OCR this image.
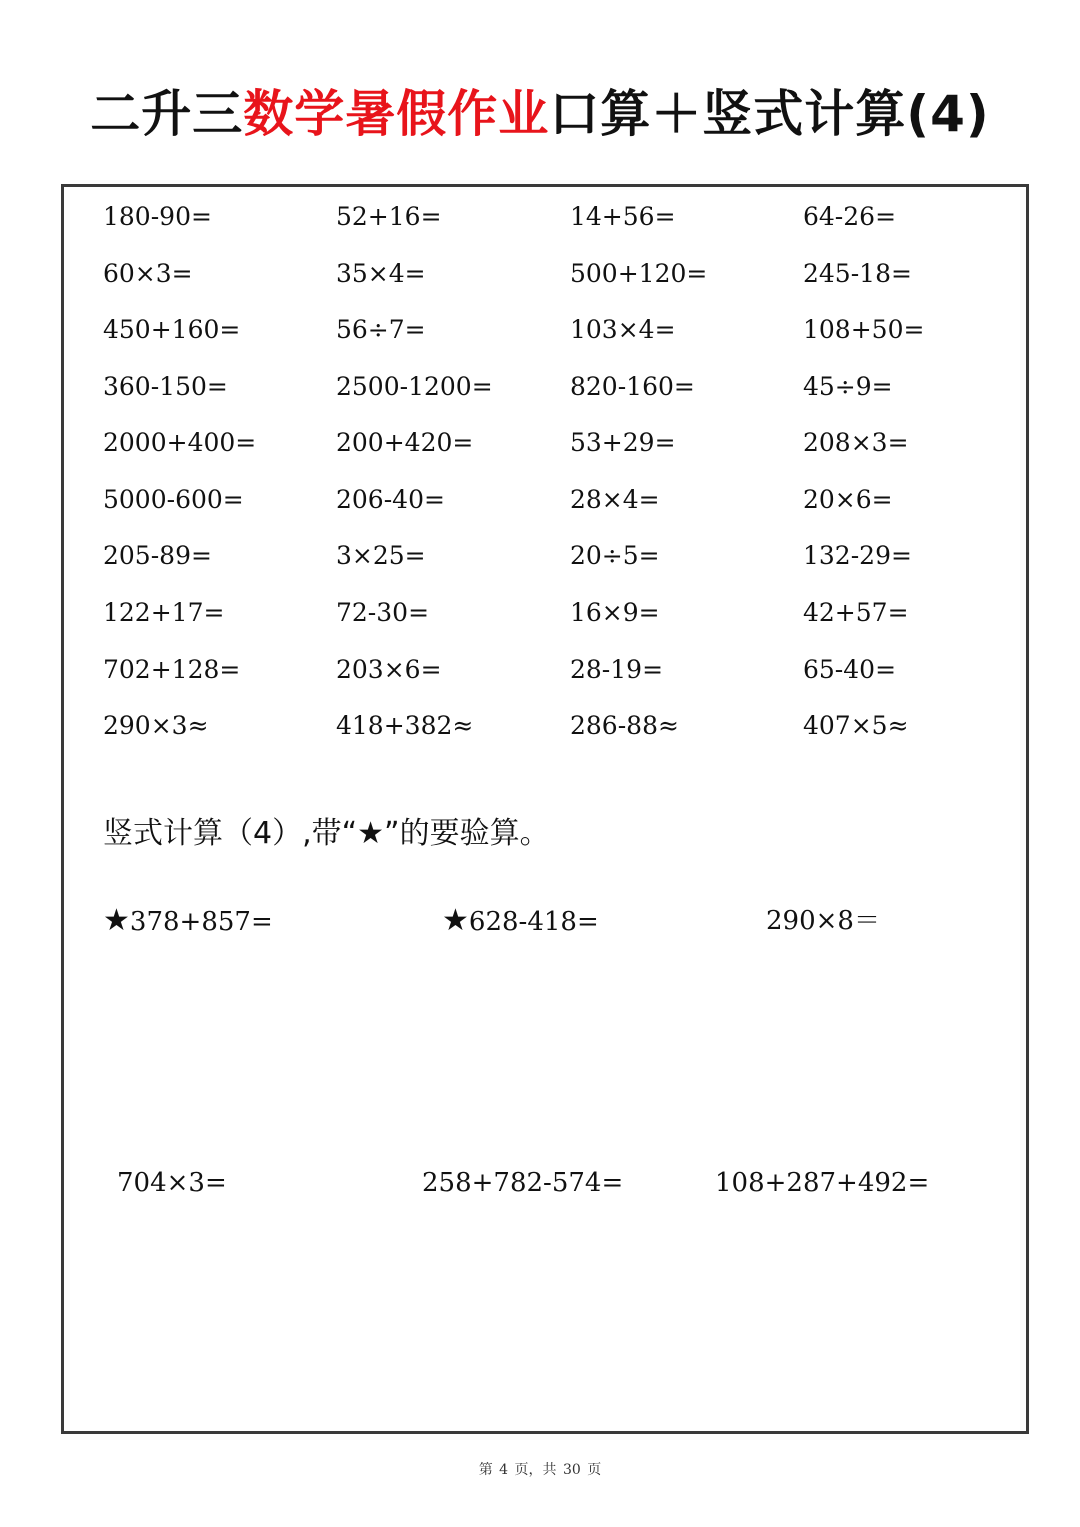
二升三数学暑假作业口算＋竖式计算(4)
180-90=	52+16=	14+56=	64-26=
60×3=	35×4=	500+120=	245-18=
450+160=	56÷7=	103×4=	108+50=
360-150=	2500-1200=	820-160=	45÷9=
2000+400=	200+420=	53+29=	208×3=
5000-600=	206-40=	28×4=	20×6=
205-89=	3×25=	20÷5=	132-29=
122+17=	72-30=	16×9=	42+57=
702+128=	203×6=	28-19=	65-40=
290×3≈	418+382≈	286-88≈	407×5≈
竖式计算（4）,带“★”的要验算。
★378+857=	★628-418=	290×8＝
704×3=	258+782-574=	108+287+492=
第 4 页，共 30 页
